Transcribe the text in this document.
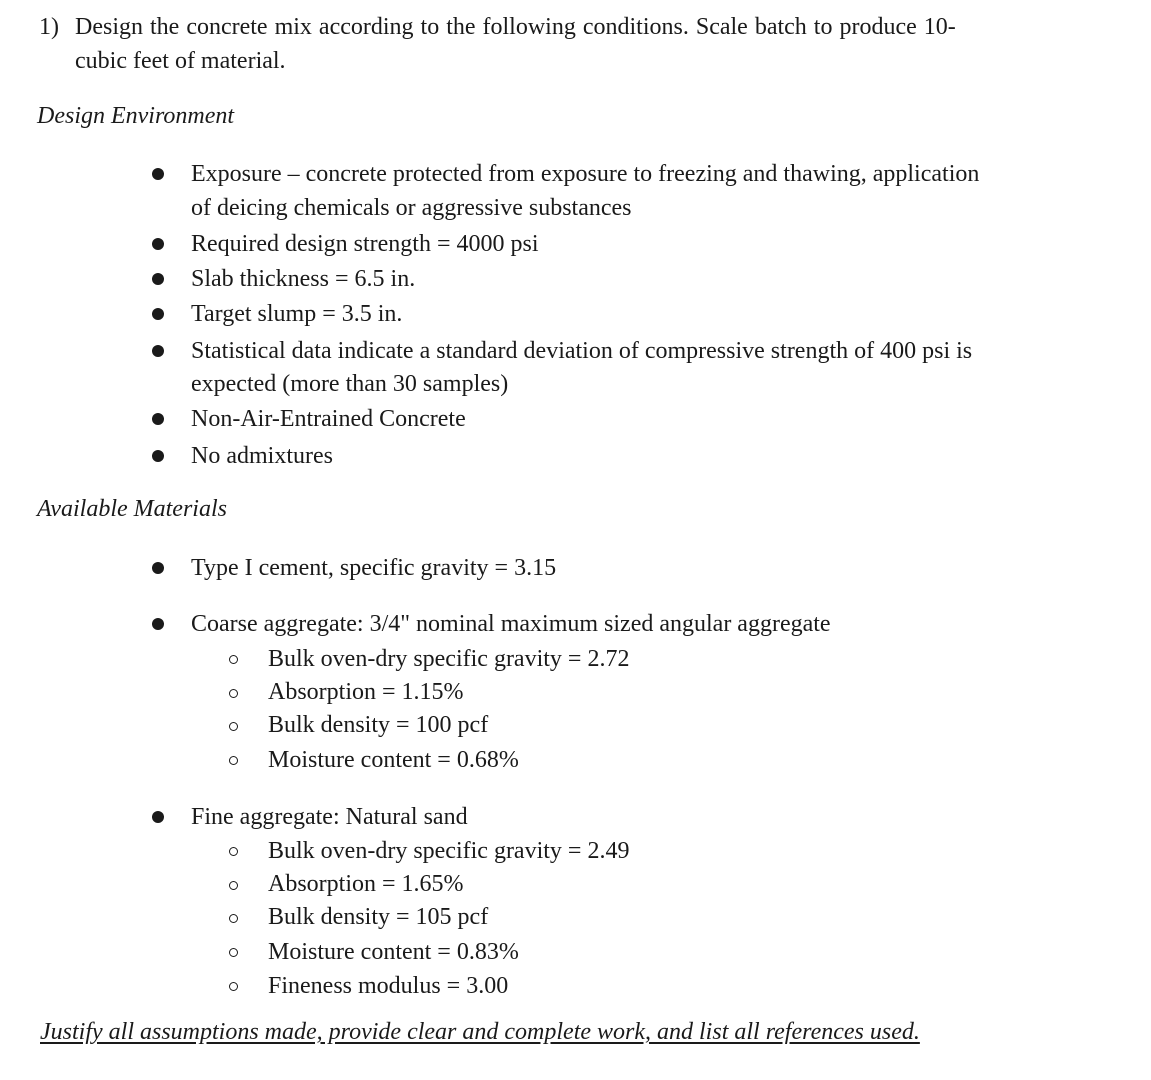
1) Design the concrete mix according to the following conditions. Scale batch to produce 10-
cubic feet of material.
Design Environment
Exposure – concrete protected from exposure to freezing and thawing, application
of deicing chemicals or aggressive substances
Required design strength = 4000 psi
Slab thickness = 6.5 in.
Target slump = 3.5 in.
Statistical data indicate a standard deviation of compressive strength of 400 psi is
expected (more than 30 samples)
Non-Air-Entrained Concrete
No admixtures
Available Materials
Type I cement, specific gravity = 3.15
Coarse aggregate: 3/4" nominal maximum sized angular aggregate
Bulk oven-dry specific gravity = 2.72
Absorption = 1.15%
Bulk density = 100 pcf
Moisture content = 0.68%
Fine aggregate: Natural sand
Bulk oven-dry specific gravity = 2.49
Absorption = 1.65%
Bulk density = 105 pcf
Moisture content = 0.83%
Fineness modulus = 3.00
Justify all assumptions made, provide clear and complete work, and list all references used.
